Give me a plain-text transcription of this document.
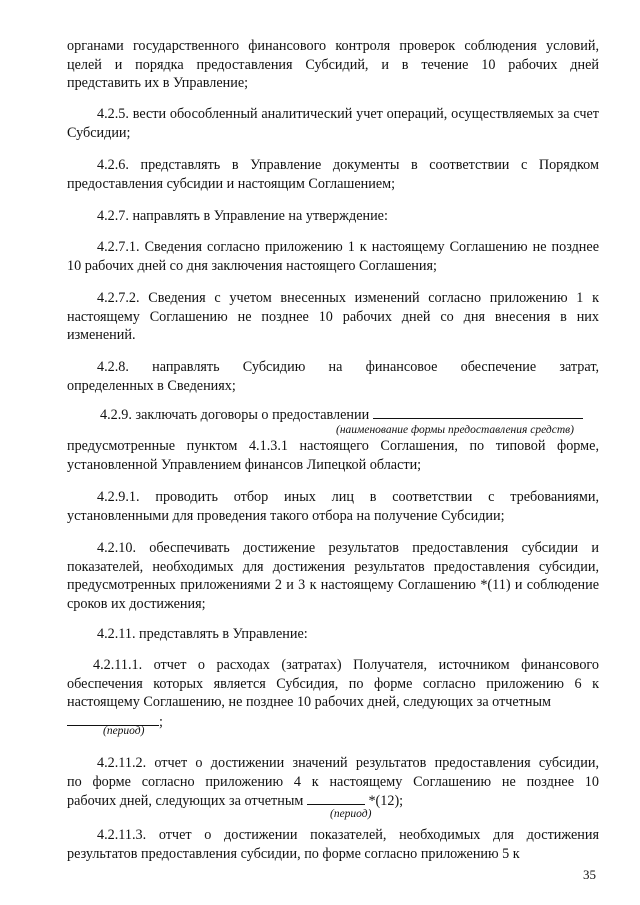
органами государственного финансового контроля проверок соблюдения условий,
целей и порядка предоставления Субсидий, и в течение 10 рабочих дней
представить их в Управление;

4.2.5. вести обособленный аналитический учет операций, осуществляемых за счет Субсидии;

4.2.6. представлять в Управление документы в соответствии с Порядком предоставления субсидии и настоящим Соглашением;

4.2.7. направлять в Управление на утверждение:

4.2.7.1. Сведения согласно приложению 1 к настоящему Соглашению не позднее 10 рабочих дней со дня заключения настоящего Соглашения;

4.2.7.2. Сведения с учетом внесенных изменений согласно приложению 1 к настоящему Соглашению не позднее 10 рабочих дней со дня внесения в них изменений.

4.2.8. направлять Субсидию на финансовое обеспечение затрат,
определенных в Сведениях;

4.2.9. заключать договоры о предоставлении

(наименование формы предоставления средств)

предусмотренные пунктом 4.1.3.1 настоящего Соглашения, по типовой форме, установленной Управлением финансов Липецкой области;

4.2.9.1. проводить отбор иных лиц в соответствии с требованиями, установленными для проведения такого отбора на получение Субсидии;

4.2.10. обеспечивать достижение результатов предоставления субсидии и показателей, необходимых для достижения результатов предоставления субсидии, предусмотренных приложениями 2 и 3 к настоящему Соглашению *(11) и соблюдение сроков их достижения;

4.2.11. представлять в Управление:

4.2.11.1. отчет о расходах (затратах) Получателя, источником финансового обеспечения которых является Субсидия, по форме согласно приложению 6 к настоящему Соглашению, не позднее 10 рабочих дней, следующих за отчетным

;
(период)

4.2.11.2. отчет о достижении значений результатов предоставления субсидии,
по форме согласно приложению 4 к настоящему Соглашению не позднее 10
рабочих дней, следующих за отчетным	*(12);

(период)

4.2.11.3. отчет о достижении показателей, необходимых для достижения результатов предоставления субсидии, по форме согласно приложению 5 к

35
